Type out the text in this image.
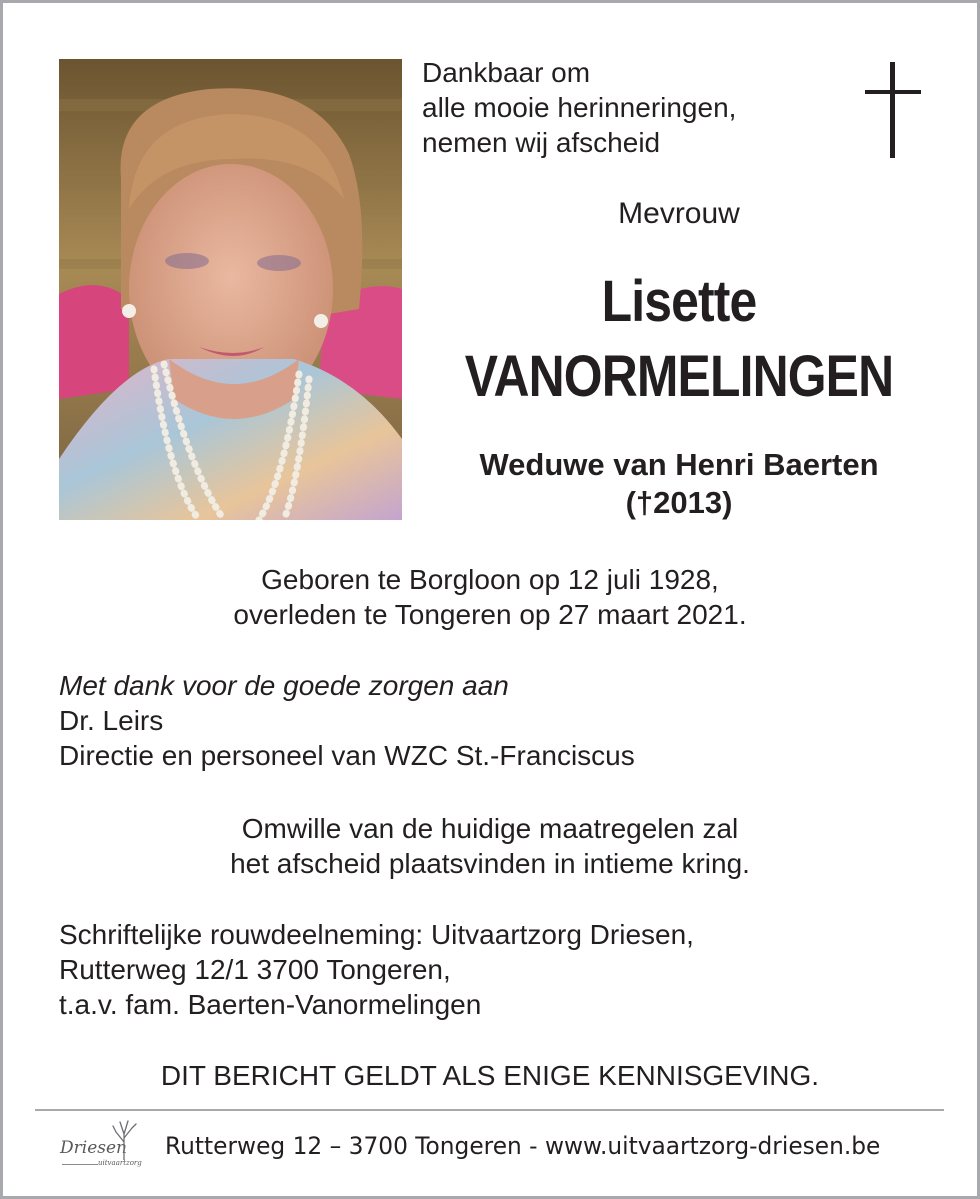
Dankbaar om
alle mooie herinneringen,
nemen wij afscheid
Mevrouw
Lisette
VANORMELINGEN
Weduwe van Henri Baerten
(†2013)
Geboren te Borgloon op 12 juli 1928,
overleden te Tongeren op 27 maart 2021.
Met dank voor de goede zorgen aan
Dr. Leirs
Directie en personeel van WZC St.-Franciscus
Omwille van de huidige maatregelen zal
het afscheid plaatsvinden in intieme kring.
Schriftelijke rouwdeelneming: Uitvaartzorg Driesen,
Rutterweg 12/1 3700 Tongeren,
t.a.v. fam. Baerten-Vanormelingen
DIT BERICHT GELDT ALS ENIGE KENNISGEVING.
Driesen
uitvaartzorg
Rutterweg 12 – 3700 Tongeren - www.uitvaartzorg-driesen.be
